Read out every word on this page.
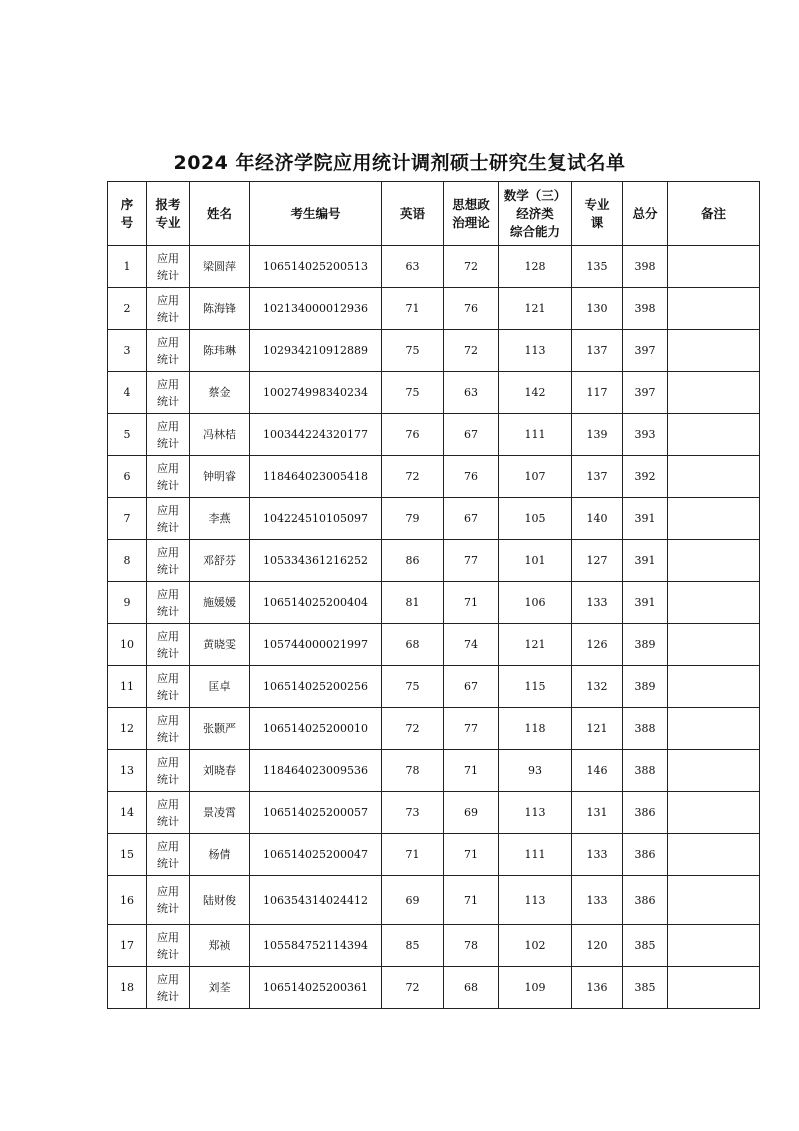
2024 年经济学院应用统计调剂硕士研究生复试名单
序
号	报考
专业	姓名	考生编号	英语	思想政
治理论	数学（三）
经济类
综合能力	专业
课	总分	备注
1	应用
统计	梁圆萍	106514025200513	63	72	128	135	398	
2	应用
统计	陈海锋	102134000012936	71	76	121	130	398	
3	应用
统计	陈玮琳	102934210912889	75	72	113	137	397	
4	应用
统计	蔡金	100274998340234	75	63	142	117	397	
5	应用
统计	冯林桔	100344224320177	76	67	111	139	393	
6	应用
统计	钟明睿	118464023005418	72	76	107	137	392	
7	应用
统计	李燕	104224510105097	79	67	105	140	391	
8	应用
统计	邓舒芬	105334361216252	86	77	101	127	391	
9	应用
统计	施媛媛	106514025200404	81	71	106	133	391	
10	应用
统计	黄晓雯	105744000021997	68	74	121	126	389	
11	应用
统计	匡卓	106514025200256	75	67	115	132	389	
12	应用
统计	张颢严	106514025200010	72	77	118	121	388	
13	应用
统计	刘晓春	118464023009536	78	71	93	146	388	
14	应用
统计	景凌霄	106514025200057	73	69	113	131	386	
15	应用
统计	杨倩	106514025200047	71	71	111	133	386	
16	应用
统计	陆财俊	106354314024412	69	71	113	133	386	
17	应用
统计	郑祯	105584752114394	85	78	102	120	385	
18	应用
统计	刘荃	106514025200361	72	68	109	136	385	
